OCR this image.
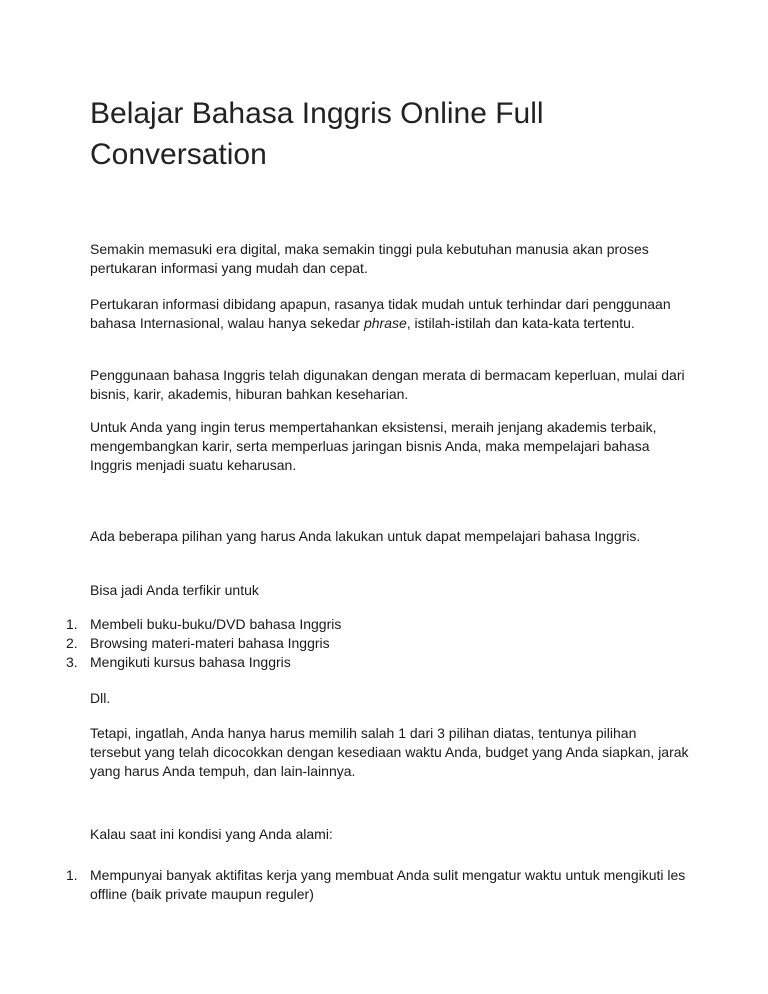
Belajar Bahasa Inggris Online Full Conversation

Semakin memasuki era digital, maka semakin tinggi pula kebutuhan manusia akan proses pertukaran informasi yang mudah dan cepat.

Pertukaran informasi dibidang apapun, rasanya tidak mudah untuk terhindar dari penggunaan bahasa Internasional, walau hanya sekedar phrase, istilah-istilah dan kata-kata tertentu.

Penggunaan bahasa Inggris telah digunakan dengan merata di bermacam keperluan, mulai dari bisnis, karir, akademis, hiburan bahkan keseharian.

Untuk Anda yang ingin terus mempertahankan eksistensi, meraih jenjang akademis terbaik, mengembangkan karir, serta memperluas jaringan bisnis Anda, maka mempelajari bahasa Inggris menjadi suatu keharusan.

Ada beberapa pilihan yang harus Anda lakukan untuk dapat mempelajari bahasa Inggris.

Bisa jadi Anda terfikir untuk

1. Membeli buku-buku/DVD bahasa Inggris
2. Browsing materi-materi bahasa Inggris
3. Mengikuti kursus bahasa Inggris

Dll.

Tetapi, ingatlah, Anda hanya harus memilih salah 1 dari 3 pilihan diatas, tentunya pilihan tersebut yang telah dicocokkan dengan kesediaan waktu Anda, budget yang Anda siapkan, jarak yang harus Anda tempuh, dan lain-lainnya.

Kalau saat ini kondisi yang Anda alami:

1. Mempunyai banyak aktifitas kerja yang membuat Anda sulit mengatur waktu untuk mengikuti les offline (baik private maupun reguler)
